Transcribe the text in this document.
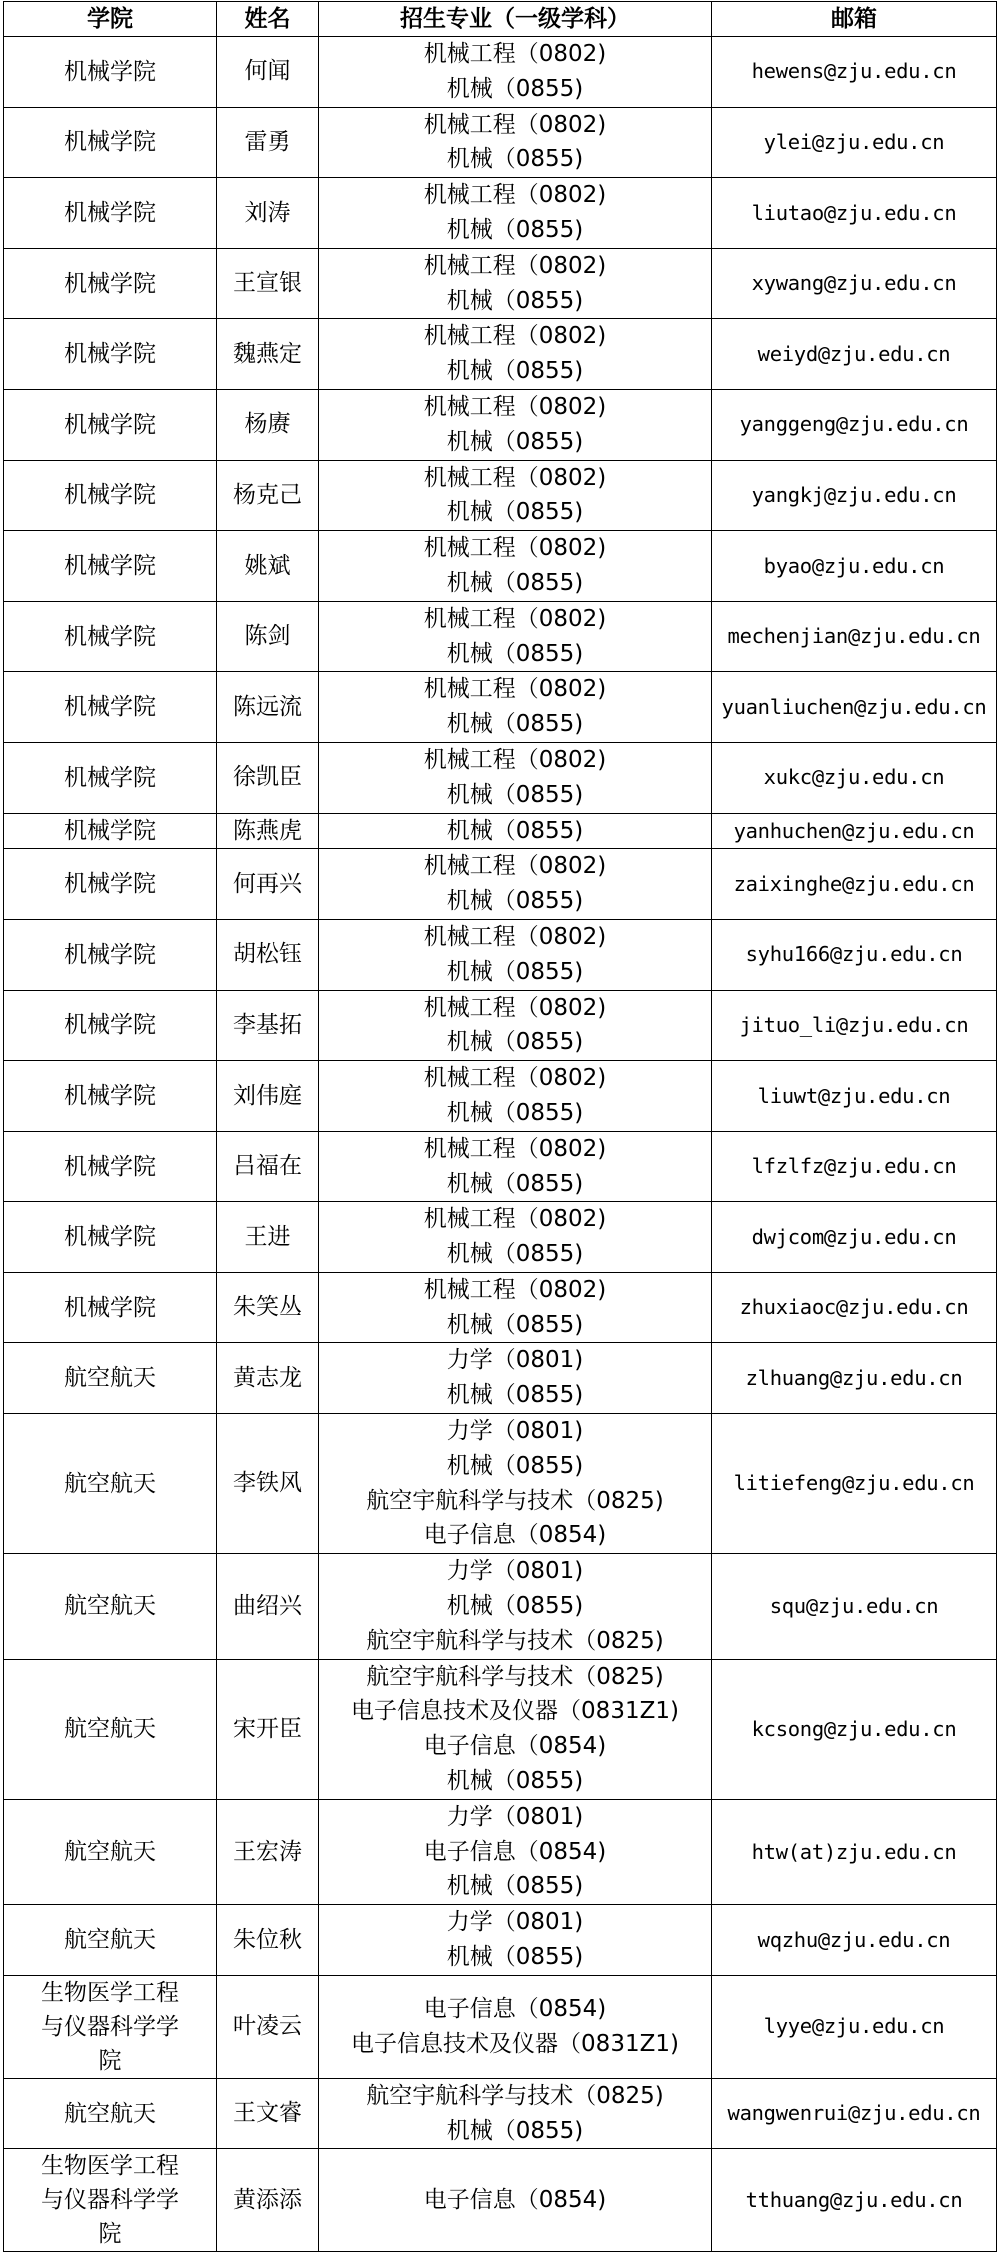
学院	姓名	招生专业（一级学科）	邮箱
机械学院	何闻	机械工程（0802)
机械（0855)	hewens@zju.edu.cn
机械学院	雷勇	机械工程（0802)
机械（0855)	ylei@zju.edu.cn
机械学院	刘涛	机械工程（0802)
机械（0855)	liutao@zju.edu.cn
机械学院	王宣银	机械工程（0802)
机械（0855)	xywang@zju.edu.cn
机械学院	魏燕定	机械工程（0802)
机械（0855)	weiyd@zju.edu.cn
机械学院	杨赓	机械工程（0802)
机械（0855)	yanggeng@zju.edu.cn
机械学院	杨克己	机械工程（0802)
机械（0855)	yangkj@zju.edu.cn
机械学院	姚斌	机械工程（0802)
机械（0855)	byao@zju.edu.cn
机械学院	陈剑	机械工程（0802)
机械（0855)	mechenjian@zju.edu.cn
机械学院	陈远流	机械工程（0802)
机械（0855)	yuanliuchen@zju.edu.cn
机械学院	徐凯臣	机械工程（0802)
机械（0855)	xukc@zju.edu.cn
机械学院	陈燕虎	机械（0855)	yanhuchen@zju.edu.cn
机械学院	何再兴	机械工程（0802)
机械（0855)	zaixinghe@zju.edu.cn
机械学院	胡松钰	机械工程（0802)
机械（0855)	syhu166@zju.edu.cn
机械学院	李基拓	机械工程（0802)
机械（0855)	jituo_li@zju.edu.cn
机械学院	刘伟庭	机械工程（0802)
机械（0855)	liuwt@zju.edu.cn
机械学院	吕福在	机械工程（0802)
机械（0855)	lfzlfz@zju.edu.cn
机械学院	王进	机械工程（0802)
机械（0855)	dwjcom@zju.edu.cn
机械学院	朱笑丛	机械工程（0802)
机械（0855)	zhuxiaoc@zju.edu.cn
航空航天	黄志龙	力学（0801)
机械（0855)	zlhuang@zju.edu.cn
航空航天	李铁风	力学（0801)
机械（0855)
航空宇航科学与技术（0825)
电子信息（0854)	litiefeng@zju.edu.cn
航空航天	曲绍兴	力学（0801)
机械（0855)
航空宇航科学与技术（0825)	squ@zju.edu.cn
航空航天	宋开臣	航空宇航科学与技术（0825)
电子信息技术及仪器（0831Z1)
电子信息（0854)
机械（0855)	kcsong@zju.edu.cn
航空航天	王宏涛	力学（0801)
电子信息（0854)
机械（0855)	htw(at)zju.edu.cn
航空航天	朱位秋	力学（0801)
机械（0855)	wqzhu@zju.edu.cn
生物医学工程与仪器科学学院	叶凌云	电子信息（0854)
电子信息技术及仪器（0831Z1)	lyye@zju.edu.cn
航空航天	王文睿	航空宇航科学与技术（0825)
机械（0855)	wangwenrui@zju.edu.cn
生物医学工程与仪器科学学院	黄添添	电子信息（0854)	tthuang@zju.edu.cn
